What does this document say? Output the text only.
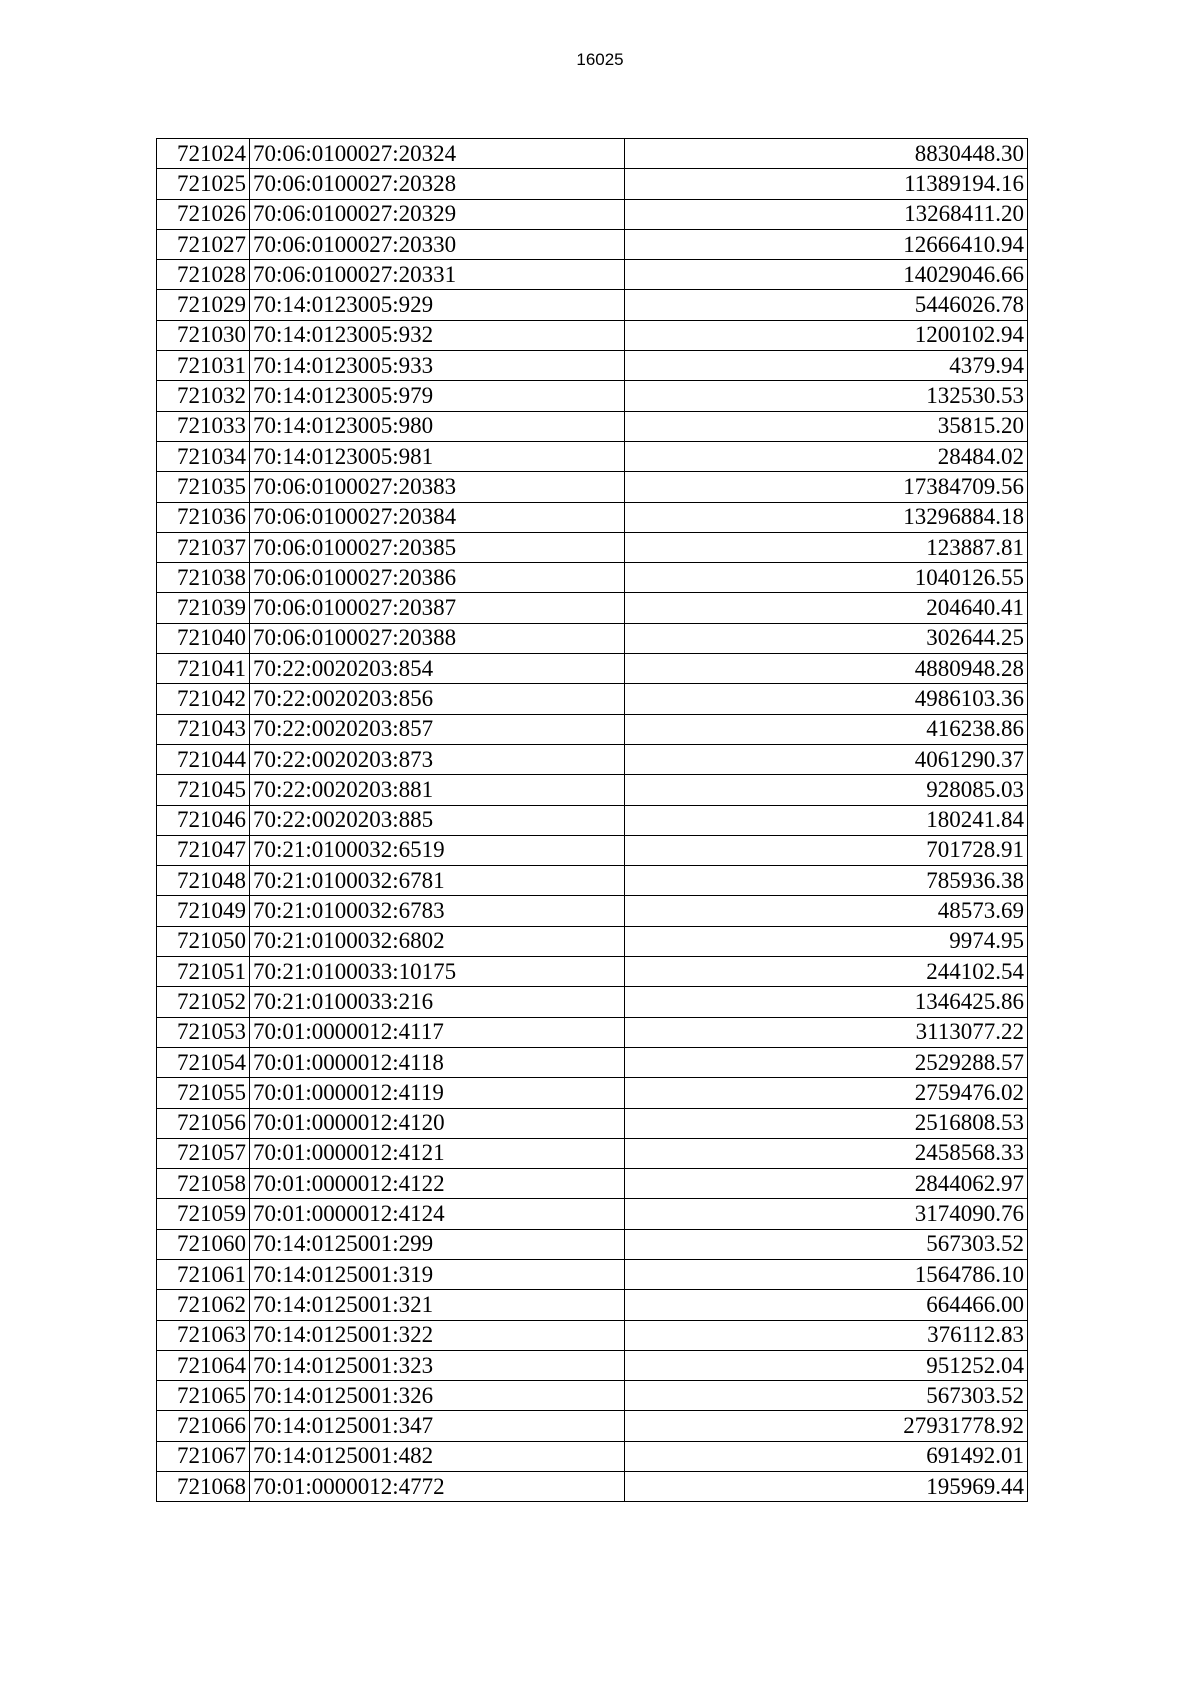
16025
721024	70:06:0100027:20324	8830448.30
721025	70:06:0100027:20328	11389194.16
721026	70:06:0100027:20329	13268411.20
721027	70:06:0100027:20330	12666410.94
721028	70:06:0100027:20331	14029046.66
721029	70:14:0123005:929	5446026.78
721030	70:14:0123005:932	1200102.94
721031	70:14:0123005:933	4379.94
721032	70:14:0123005:979	132530.53
721033	70:14:0123005:980	35815.20
721034	70:14:0123005:981	28484.02
721035	70:06:0100027:20383	17384709.56
721036	70:06:0100027:20384	13296884.18
721037	70:06:0100027:20385	123887.81
721038	70:06:0100027:20386	1040126.55
721039	70:06:0100027:20387	204640.41
721040	70:06:0100027:20388	302644.25
721041	70:22:0020203:854	4880948.28
721042	70:22:0020203:856	4986103.36
721043	70:22:0020203:857	416238.86
721044	70:22:0020203:873	4061290.37
721045	70:22:0020203:881	928085.03
721046	70:22:0020203:885	180241.84
721047	70:21:0100032:6519	701728.91
721048	70:21:0100032:6781	785936.38
721049	70:21:0100032:6783	48573.69
721050	70:21:0100032:6802	9974.95
721051	70:21:0100033:10175	244102.54
721052	70:21:0100033:216	1346425.86
721053	70:01:0000012:4117	3113077.22
721054	70:01:0000012:4118	2529288.57
721055	70:01:0000012:4119	2759476.02
721056	70:01:0000012:4120	2516808.53
721057	70:01:0000012:4121	2458568.33
721058	70:01:0000012:4122	2844062.97
721059	70:01:0000012:4124	3174090.76
721060	70:14:0125001:299	567303.52
721061	70:14:0125001:319	1564786.10
721062	70:14:0125001:321	664466.00
721063	70:14:0125001:322	376112.83
721064	70:14:0125001:323	951252.04
721065	70:14:0125001:326	567303.52
721066	70:14:0125001:347	27931778.92
721067	70:14:0125001:482	691492.01
721068	70:01:0000012:4772	195969.44
